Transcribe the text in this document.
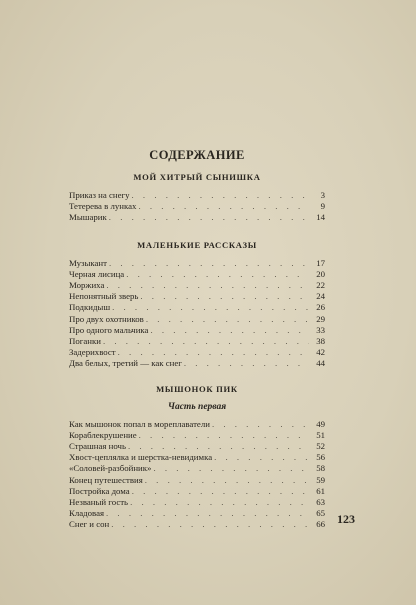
СОДЕРЖАНИЕ
МОЙ ХИТРЫЙ СЫНИШКА
Приказ на снегу . . .	3
Тетерева в лунках . . .	9
Мышарик . . .	14
МАЛЕНЬКИЕ РАССКАЗЫ
Музыкант . . .	17
Черная лисица . . .	20
Моржиха . . .	22
Непонятный зверь . . .	24
Подкидыш . . .	26
Про двух охотников . . .	29
Про одного мальчика . . .	33
Поганки . . .	38
Задерихвост . . .	42
Два белых, третий — как снег . . .	44
МЫШОНОК ПИК
Часть первая
Как мышонок попал в мореплаватели . . .	49
Кораблекрушение . . .	51
Страшная ночь . . .	52
Хвост-цеплялка и шерстка-невидимка . . .	56
«Соловей-разбойник» . . .	58
Конец путешествия . . .	59
Постройка дома . . .	61
Незваный гость . . .	63
Кладовая . . .	65
Снег и сон . . .	66 123
